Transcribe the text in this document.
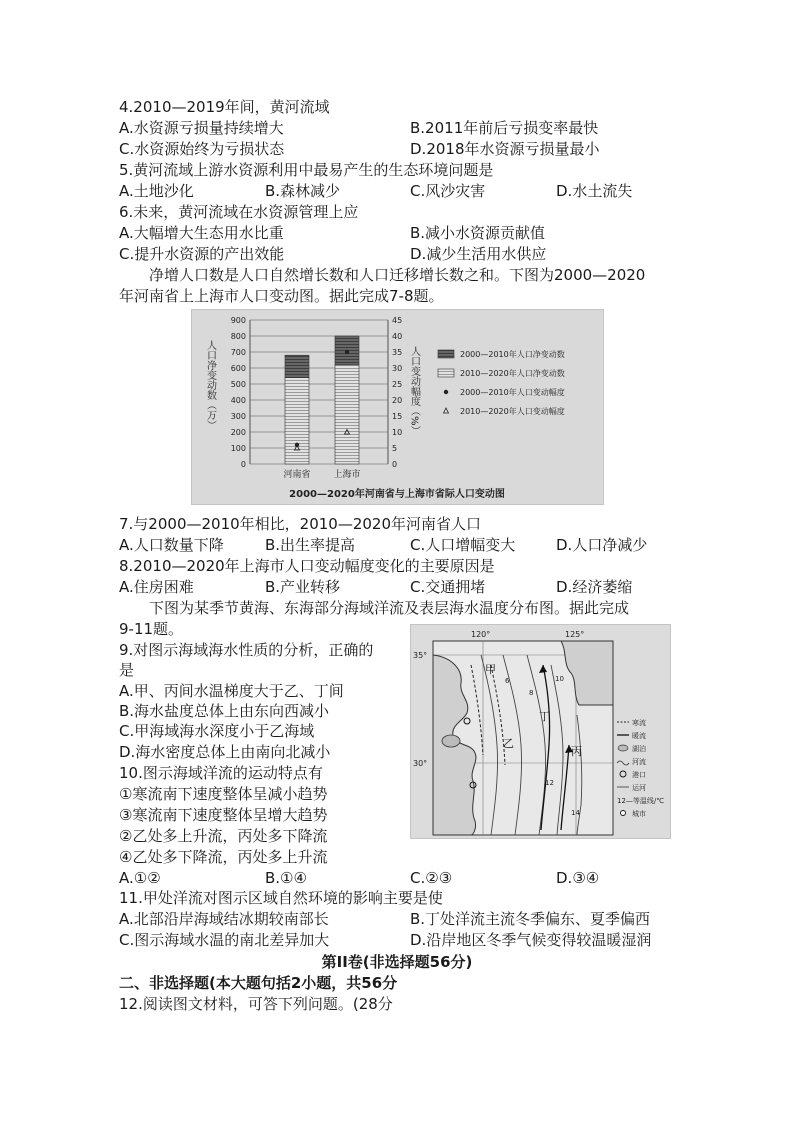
4.2010—2019年间，黄河流域
A.水资源亏损量持续增大	B.2011年前后亏损变率最快
C.水资源始终为亏损状态	D.2018年水资源亏损量最小
5.黄河流域上游水资源利用中最易产生的生态环境问题是
A.土地沙化	B.森林减少	C.风沙灾害	D.水土流失
6.未来，黄河流域在水资源管理上应
A.大幅增大生态用水比重	B.减小水资源贡献值
C.提升水资源的产出效能	D.减少生活用水供应
净增人口数是人口自然增长数和人口迁移增长数之和。下图为2000—2020
年河南省上上海市人口变动图。据此完成7-8题。
0
100
200
300
400
500
600
700
800
900
0
5
10
15
20
25
30
35
40
45
河南省	上海市
2000—2010年人口净变动数
2010—2020年人口净变动数
2000—2010年人口变动幅度
2010—2020年人口变动幅度
人口净变动数（万）	人口变动幅度（%）
2000—2020年河南省与上海市省际人口变动图
7.与2000—2010年相比，2010—2020年河南省人口
A.人口数量下降	B.出生率提高	C.人口增幅变大	D.人口净减少
8.2010—2020年上海市人口变动幅度变化的主要原因是
A.住房困难	B.产业转移	C.交通拥堵	D.经济萎缩
下图为某季节黄海、东海部分海域洋流及表层海水温度分布图。据此完成
9-11题。
9.对图示海域海水性质的分析，正确的
是
A.甲、丙间水温梯度大于乙、丁间
B.海水盐度总体上由东向西减小
C.甲海域海水深度小于乙海域
D.海水密度总体上由南向北减小
10.图示海域洋流的运动特点有
①寒流南下速度整体呈减小趋势
③寒流南下速度整体呈增大趋势
②乙处多上升流，丙处多下降流
④乙处多下降流，丙处多上升流
A.①②	B.①④	C.②③	D.③④
120°	125°
35°
30°
甲
乙
丙
丁
6
8
10
12
14
寒流
暖流
湖泊
河流
港口
运河
12—等温线/℃
城市
11.甲处洋流对图示区域自然环境的影响主要是使
A.北部沿岸海域结冰期较南部长	B.丁处洋流主流冬季偏东、夏季偏西
C.图示海域水温的南北差异加大	D.沿岸地区冬季气候变得较温暖湿润
第II卷(非选择题56分)
二、非选择题(本大题句括2小题，共56分
12.阅读图文材料，可答下列问题。(28分
